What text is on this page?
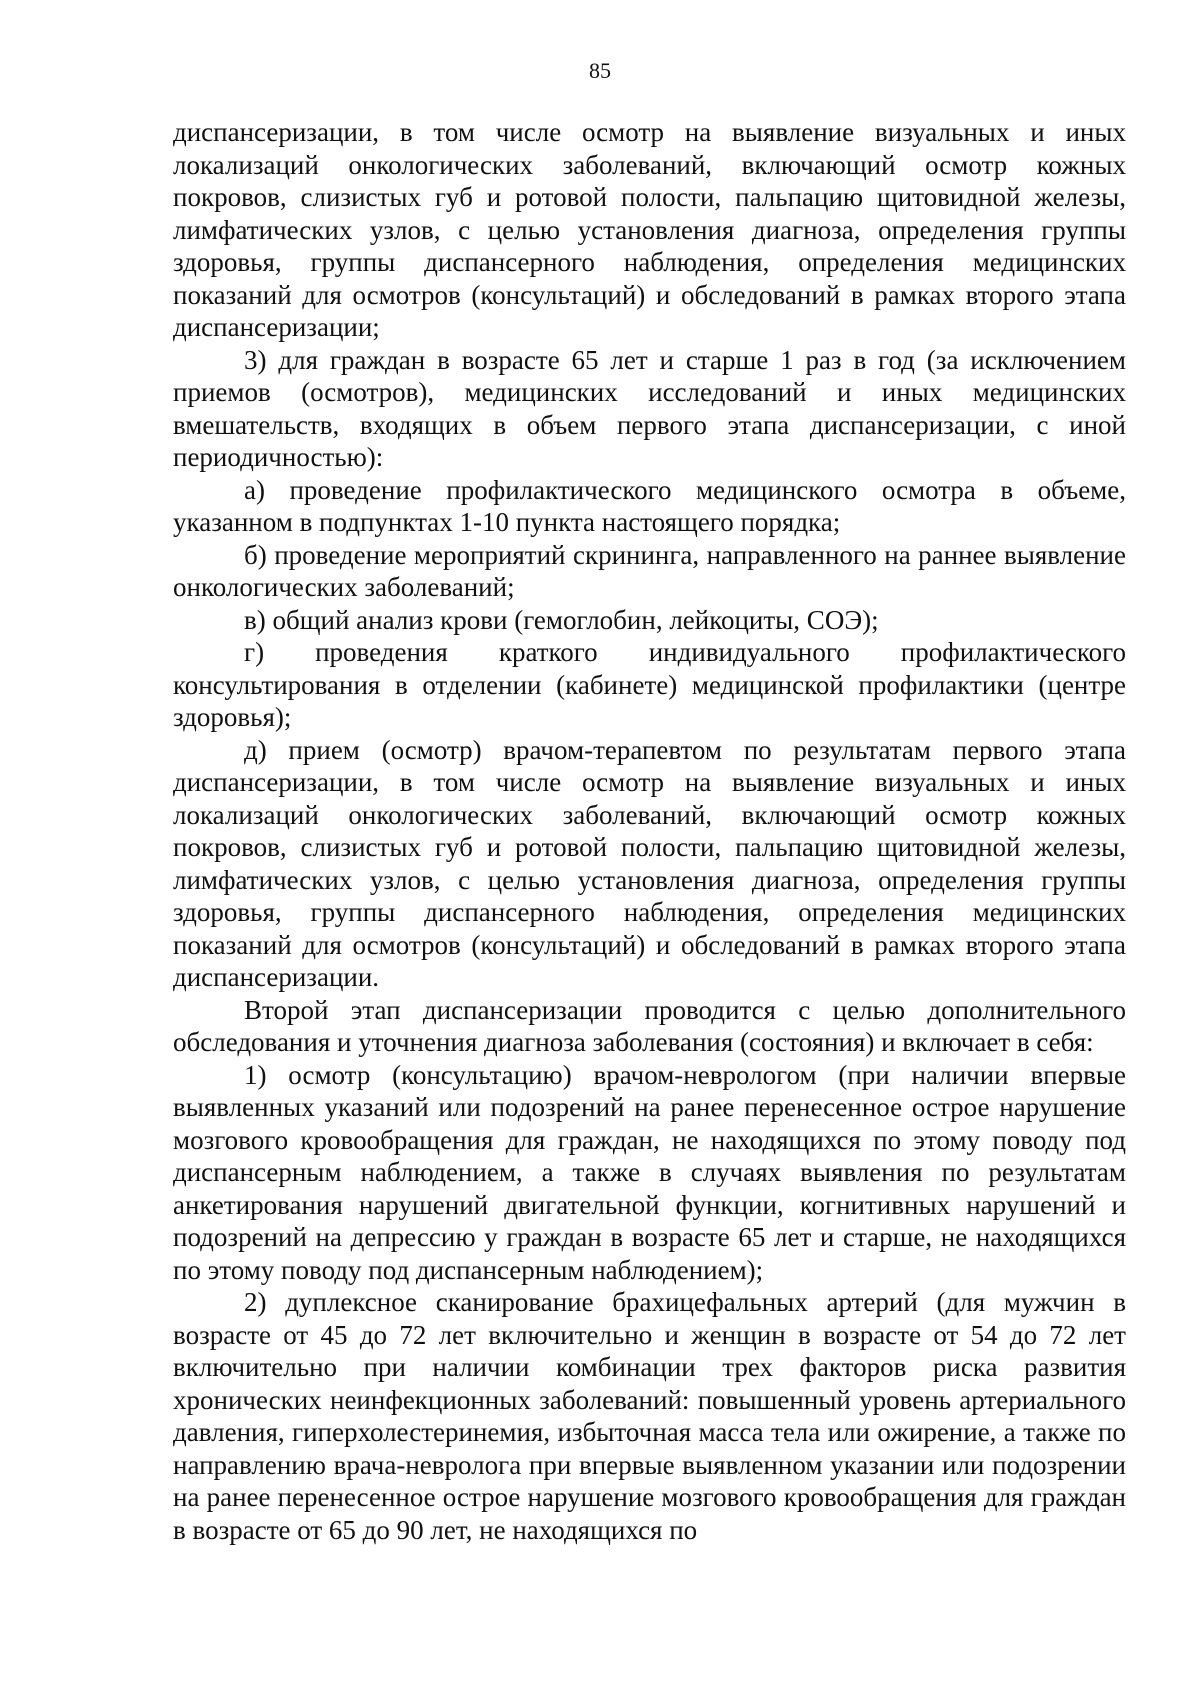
85

диспансеризации, в том числе осмотр на выявление визуальных и иных локализаций онкологических заболеваний, включающий осмотр кожных покровов, слизистых губ и ротовой полости, пальпацию щитовидной железы, лимфатических узлов, с целью установления диагноза, определения группы здоровья, группы диспансерного наблюдения, определения медицинских показаний для осмотров (консультаций) и обследований в рамках второго этапа диспансеризации;

3) для граждан в возрасте 65 лет и старше 1 раз в год (за исключением приемов (осмотров), медицинских исследований и иных медицинских вмешательств, входящих в объем первого этапа диспансеризации, с иной периодичностью):

а) проведение профилактического медицинского осмотра в объеме, указанном в подпунктах 1-10 пункта настоящего порядка;

б) проведение мероприятий скрининга, направленного на раннее выявление онкологических заболеваний;

в) общий анализ крови (гемоглобин, лейкоциты, СОЭ);

г) проведения краткого индивидуального профилактического консультирования в отделении (кабинете) медицинской профилактики (центре здоровья);

д) прием (осмотр) врачом-терапевтом по результатам первого этапа диспансеризации, в том числе осмотр на выявление визуальных и иных локализаций онкологических заболеваний, включающий осмотр кожных покровов, слизистых губ и ротовой полости, пальпацию щитовидной железы, лимфатических узлов, с целью установления диагноза, определения группы здоровья, группы диспансерного наблюдения, определения медицинских показаний для осмотров (консультаций) и обследований в рамках второго этапа диспансеризации.

Второй этап диспансеризации проводится с целью дополнительного обследования и уточнения диагноза заболевания (состояния) и включает в себя:

1) осмотр (консультацию) врачом-неврологом (при наличии впервые выявленных указаний или подозрений на ранее перенесенное острое нарушение мозгового кровообращения для граждан, не находящихся по этому поводу под диспансерным наблюдением, а также в случаях выявления по результатам анкетирования нарушений двигательной функции, когнитивных нарушений и подозрений на депрессию у граждан в возрасте 65 лет и старше, не находящихся по этому поводу под диспансерным наблюдением);

2) дуплексное сканирование брахицефальных артерий (для мужчин в возрасте от 45 до 72 лет включительно и женщин в возрасте от 54 до 72 лет включительно при наличии комбинации трех факторов риска развития хронических неинфекционных заболеваний: повышенный уровень артериального давления, гиперхолестеринемия, избыточная масса тела или ожирение, а также по направлению врача-невролога при впервые выявленном указании или подозрении на ранее перенесенное острое нарушение мозгового кровообращения для граждан в возрасте от 65 до 90 лет, не находящихся по
